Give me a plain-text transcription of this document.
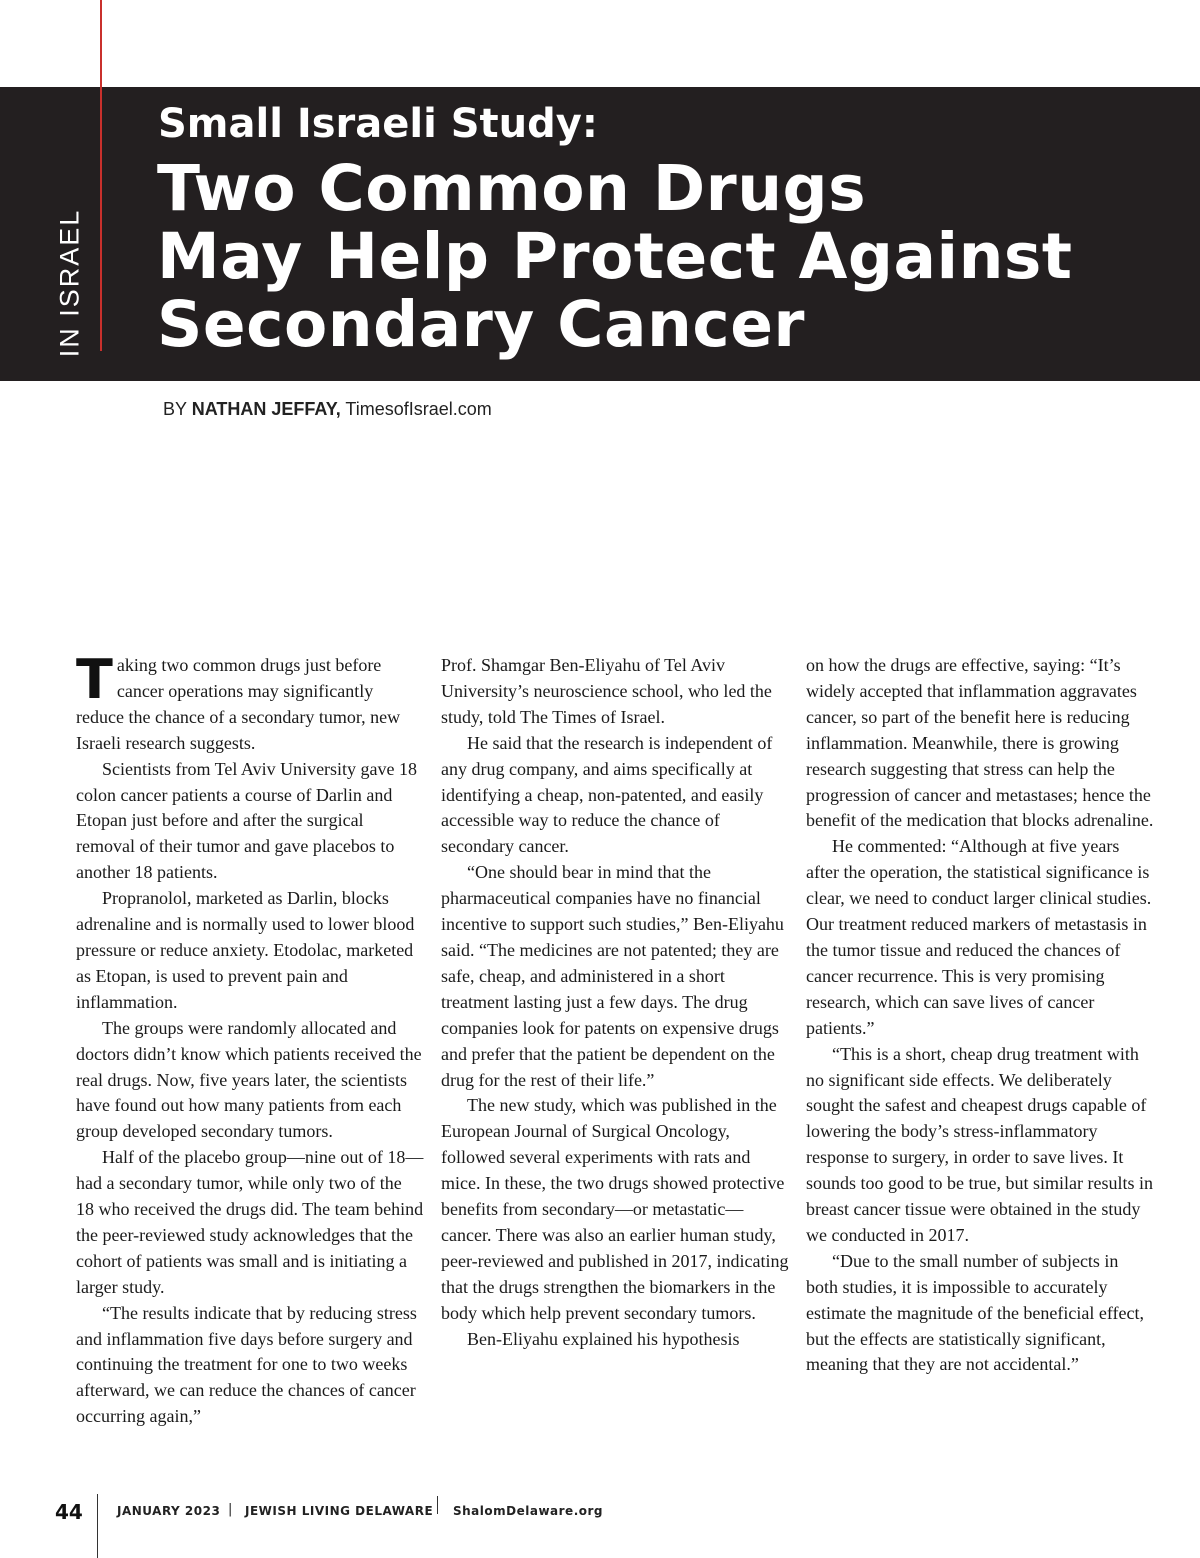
IN ISRAEL
Small Israeli Study:
Two Common Drugs
May Help Protect Against
Secondary Cancer
BY NATHAN JEFFAY, TimesofIsrael.com

Taking two common drugs just before cancer operations may significantly reduce the chance of a secondary tumor, new Israeli research suggests.

Scientists from Tel Aviv University gave 18 colon cancer patients a course of Darlin and Etopan just before and after the surgical removal of their tumor and gave placebos to another 18 patients.

Propranolol, marketed as Darlin, blocks adrenaline and is normally used to lower blood pressure or reduce anxiety. Etodolac, marketed as Etopan, is used to prevent pain and inflammation.

The groups were randomly allocated and doctors didn’t know which patients received the real drugs. Now, five years later, the scientists have found out how many patients from each group developed secondary tumors.

Half of the placebo group—nine out of 18—had a secondary tumor, while only two of the 18 who received the drugs did. The team behind the peer-reviewed study acknowledges that the cohort of patients was small and is initiating a larger study.

“The results indicate that by reducing stress and inflammation five days before surgery and continuing the treatment for one to two weeks afterward, we can reduce the chances of cancer occurring again,”

Prof. Shamgar Ben-Eliyahu of Tel Aviv University’s neuroscience school, who led the study, told The Times of Israel.

He said that the research is independent of any drug company, and aims specifically at identifying a cheap, non-patented, and easily accessible way to reduce the chance of secondary cancer.

“One should bear in mind that the pharmaceutical companies have no financial incentive to support such studies,” Ben-Eliyahu said. “The medicines are not patented; they are safe, cheap, and administered in a short treatment lasting just a few days. The drug companies look for patents on expensive drugs and prefer that the patient be dependent on the drug for the rest of their life.”

The new study, which was published in the European Journal of Surgical Oncology, followed several experiments with rats and mice. In these, the two drugs showed protective benefits from secondary—or metastatic—cancer. There was also an earlier human study, peer-reviewed and published in 2017, indicating that the drugs strengthen the biomarkers in the body which help prevent secondary tumors.

Ben-Eliyahu explained his hypothesis

on how the drugs are effective, saying: “It’s widely accepted that inflammation aggravates cancer, so part of the benefit here is reducing inflammation. Meanwhile, there is growing research suggesting that stress can help the progression of cancer and metastases; hence the benefit of the medication that blocks adrenaline.

He commented: “Although at five years after the operation, the statistical significance is clear, we need to conduct larger clinical studies. Our treatment reduced markers of metastasis in the tumor tissue and reduced the chances of cancer recurrence. This is very promising research, which can save lives of cancer patients.”

“This is a short, cheap drug treatment with no significant side effects. We deliberately sought the safest and cheapest drugs capable of lowering the body’s stress-inflammatory response to surgery, in order to save lives. It sounds too good to be true, but similar results in breast cancer tissue were obtained in the study we conducted in 2017.

“Due to the small number of subjects in both studies, it is impossible to accurately estimate the magnitude of the beneficial effect, but the effects are statistically significant, meaning that they are not accidental.”

44	JANUARY 2023 | JEWISH LIVING DELAWARE ShalomDelaware.org
